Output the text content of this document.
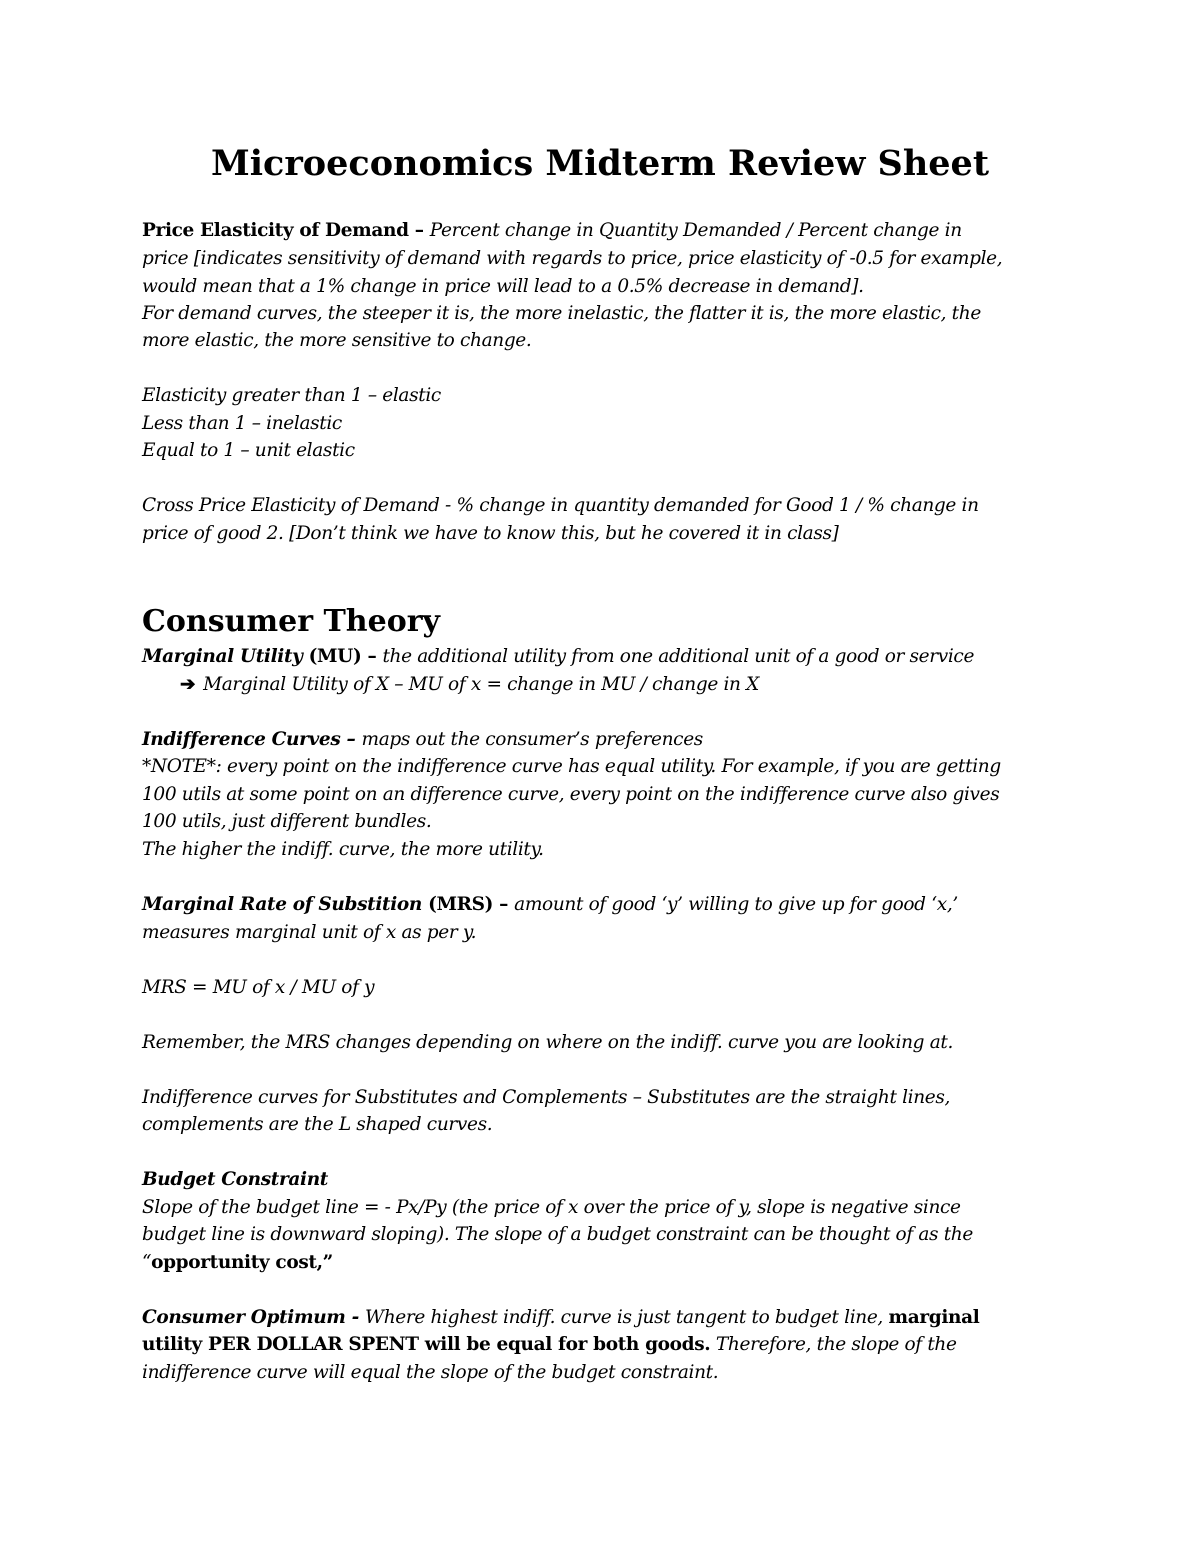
Microeconomics Midterm Review Sheet
Price Elasticity of Demand – Percent change in Quantity Demanded / Percent change in
price [indicates sensitivity of demand with regards to price, price elasticity of -0.5 for example,
would mean that a 1% change in price will lead to a 0.5% decrease in demand].
For demand curves, the steeper it is, the more inelastic, the flatter it is, the more elastic, the
more elastic, the more sensitive to change.
Elasticity greater than 1 – elastic
Less than 1 – inelastic
Equal to 1 – unit elastic
Cross Price Elasticity of Demand - % change in quantity demanded for Good 1 / % change in
price of good 2. [Don’t think we have to know this, but he covered it in class]
Consumer Theory
Marginal Utility (MU) – the additional utility from one additional unit of a good or service
➔ Marginal Utility of X – MU of x = change in MU / change in X
Indifference Curves – maps out the consumer’s preferences
*NOTE*: every point on the indifference curve has equal utility. For example, if you are getting
100 utils at some point on an difference curve, every point on the indifference curve also gives
100 utils, just different bundles.
The higher the indiff. curve, the more utility.
Marginal Rate of Substition (MRS) – amount of good ‘y’ willing to give up for good ‘x,’
measures marginal unit of x as per y.
MRS = MU of x / MU of y
Remember, the MRS changes depending on where on the indiff. curve you are looking at.
Indifference curves for Substitutes and Complements – Substitutes are the straight lines,
complements are the L shaped curves.
Budget Constraint
Slope of the budget line = - Px/Py (the price of x over the price of y, slope is negative since
budget line is downward sloping). The slope of a budget constraint can be thought of as the
“opportunity cost,”
Consumer Optimum - Where highest indiff. curve is just tangent to budget line, marginal
utility PER DOLLAR SPENT will be equal for both goods. Therefore, the slope of the
indifference curve will equal the slope of the budget constraint.
